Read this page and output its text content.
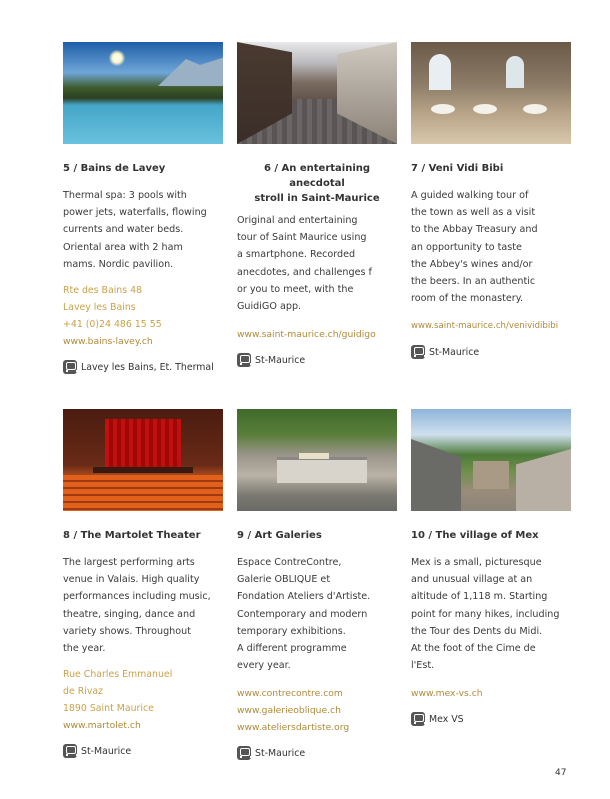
5 / Bains de Lavey
Thermal spa: 3 pools with
power jets, waterfalls, flowing
currents and water beds.
Oriental area with 2 ham
mams. Nordic pavilion.
Rte des Bains 48
Lavey les Bains
+41 (0)24 486 15 55
www.bains-lavey.ch
Lavey les Bains, Et. Thermal
6 / An entertaining anecdotal
stroll in Saint-Maurice
Original and entertaining
tour of Saint Maurice using
a smartphone. Recorded
anecdotes, and challenges f
or you to meet, with the
GuidiGO app.
www.saint-maurice.ch/guidigo
St-Maurice
7 / Veni Vidi Bibi
A guided walking tour of
the town as well as a visit
to the Abbay Treasury and
an opportunity to taste
the Abbey's wines and/or
the beers. In an authentic
room of the monastery.
www.saint-maurice.ch/venividibibi
St-Maurice
8 / The Martolet Theater
The largest performing arts
venue in Valais. High quality
performances including music,
theatre, singing, dance and
variety shows. Throughout
the year.
Rue Charles Emmanuel
de Rivaz
1890 Saint Maurice
www.martolet.ch
St-Maurice
9 / Art Galeries
Espace ContreContre,
Galerie OBLIQUE et
Fondation Ateliers d'Artiste.
Contemporary and modern
temporary exhibitions.
A different programme
every year.
www.contrecontre.com
www.galerieoblique.ch
www.ateliersdartiste.org
St-Maurice
10 / The village of Mex
Mex is a small, picturesque
and unusual village at an
altitude of 1,118 m. Starting
point for many hikes, including
the Tour des Dents du Midi.
At the foot of the Cime de
l'Est.
www.mex-vs.ch
Mex VS
47
